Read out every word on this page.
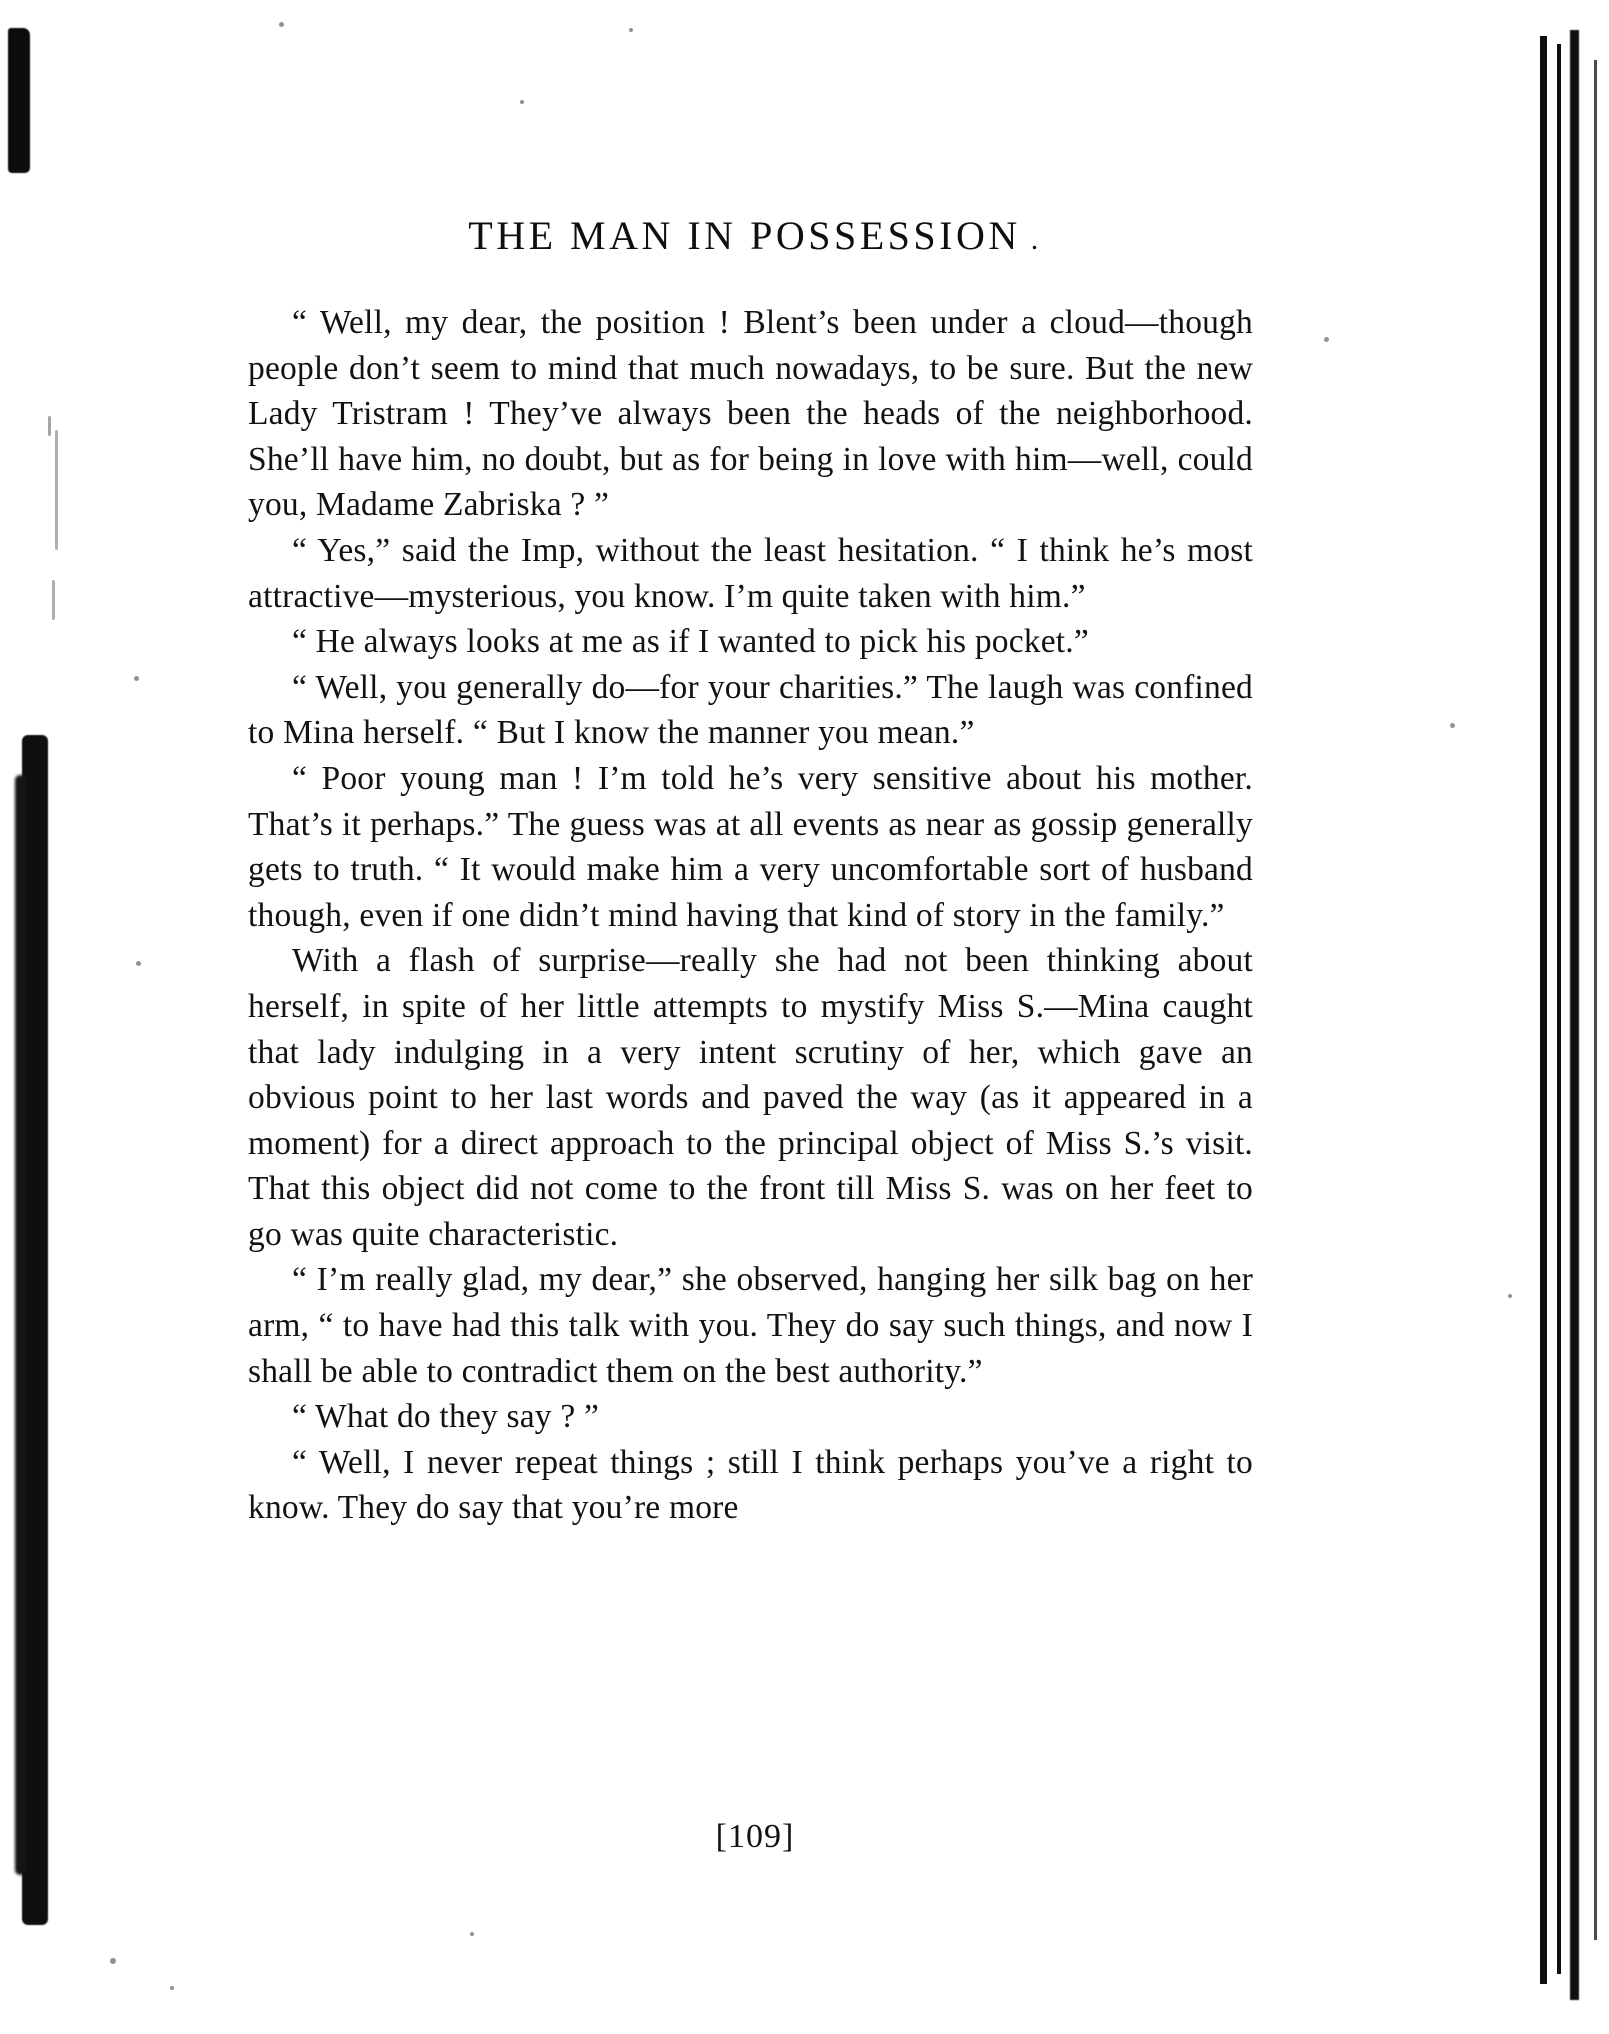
THE MAN IN POSSESSION .

“ Well, my dear, the position ! Blent’s been under a cloud—though people don’t seem to mind that much nowadays, to be sure. But the new Lady Tristram ! They’ve always been the heads of the neighborhood. She’ll have him, no doubt, but as for being in love with him—well, could you, Madame Zabriska ? ”

“ Yes,” said the Imp, without the least hesitation. “ I think he’s most attractive—mysterious, you know. I’m quite taken with him.”

“ He always looks at me as if I wanted to pick his pocket.”

“ Well, you generally do—for your charities.” The laugh was confined to Mina herself. “ But I know the manner you mean.”

“ Poor young man ! I’m told he’s very sensitive about his mother. That’s it perhaps.” The guess was at all events as near as gossip generally gets to truth. “ It would make him a very uncomfortable sort of husband though, even if one didn’t mind having that kind of story in the family.”

With a flash of surprise—really she had not been thinking about herself, in spite of her little attempts to mystify Miss S.—Mina caught that lady indulging in a very intent scrutiny of her, which gave an obvious point to her last words and paved the way (as it appeared in a moment) for a direct approach to the principal object of Miss S.’s visit. That this object did not come to the front till Miss S. was on her feet to go was quite characteristic.

“ I’m really glad, my dear,” she observed, hanging her silk bag on her arm, “ to have had this talk with you. They do say such things, and now I shall be able to contradict them on the best authority.”

“ What do they say ? ”

“ Well, I never repeat things ; still I think perhaps you’ve a right to know. They do say that you’re more

[109]
